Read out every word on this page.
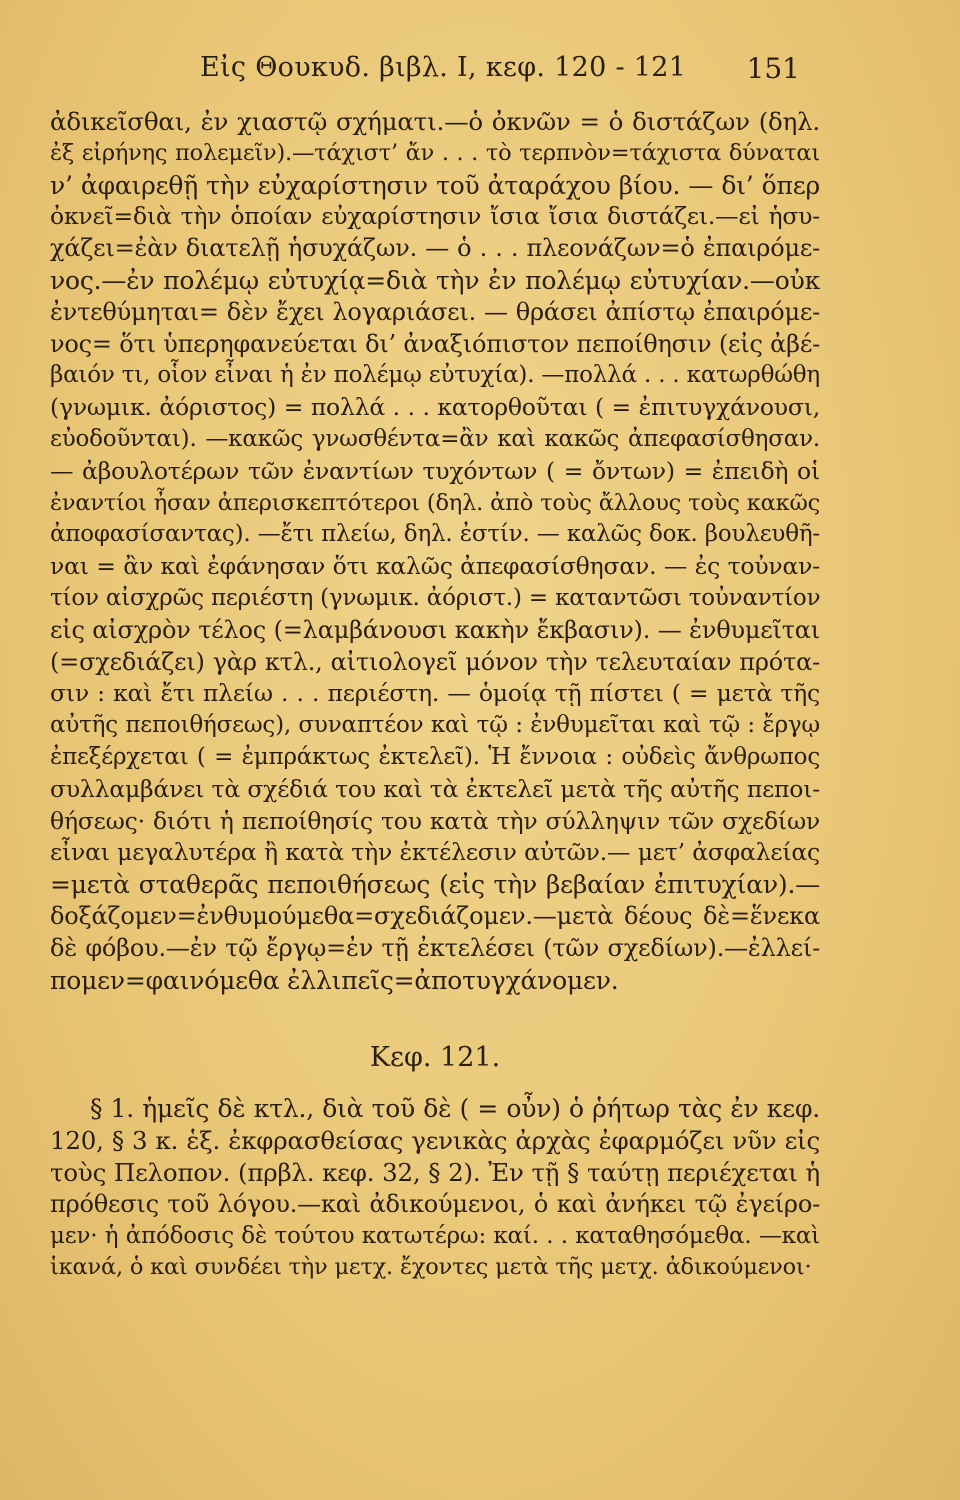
Εἰς Θουκυδ. βιβλ. I, κεφ. 120 - 121 151
ἀδικεῖσθαι, ἐν χιαστῷ σχήματι.—ὁ ὀκνῶν = ὁ διστάζων (δηλ.
ἐξ εἰρήνης πολεμεῖν).—τάχιστ’ ἄν . . . τὸ τερπνὸν=τάχιστα δύναται
ν’ ἀφαιρεθῇ τὴν εὐχαρίστησιν τοῦ ἀταράχου βίου. — δι’ ὅπερ
ὀκνεῖ=διὰ τὴν ὁποίαν εὐχαρίστησιν ἴσια ἴσια διστάζει.—εἰ ἡσυ-
χάζει=ἐὰν διατελῇ ἡσυχάζων. — ὁ . . . πλεονάζων=ὁ ἐπαιρόμε-
νος.—ἐν πολέμῳ εὐτυχίᾳ=διὰ τὴν ἐν πολέμῳ εὐτυχίαν.—οὐκ
ἐντεθύμηται= δὲν ἔχει λογαριάσει. — θράσει ἀπίστῳ ἐπαιρόμε-
νος= ὅτι ὑπερηφανεύεται δι’ ἀναξιόπιστον πεποίθησιν (εἰς ἀβέ-
βαιόν τι, οἷον εἶναι ἡ ἐν πολέμῳ εὐτυχία). —πολλά . . . κατωρθώθη
(γνωμικ. ἀόριστος) = πολλά . . . κατορθοῦται ( = ἐπιτυγχάνουσι,
εὐοδοῦνται). —κακῶς γνωσθέντα=ἂν καὶ κακῶς ἀπεφασίσθησαν.
— ἀβουλοτέρων τῶν ἐναντίων τυχόντων ( = ὄντων) = ἐπειδὴ οἱ
ἐναντίοι ἦσαν ἀπερισκεπτότεροι (δηλ. ἀπὸ τοὺς ἄλλους τοὺς κακῶς
ἀποφασίσαντας). —ἔτι πλείω, δηλ. ἐστίν. — καλῶς δοκ. βουλευθῆ-
ναι = ἂν καὶ ἐφάνησαν ὅτι καλῶς ἀπεφασίσθησαν. — ἐς τοὐναν-
τίον αἰσχρῶς περιέστη (γνωμικ. ἀόριστ.) = καταντῶσι τοὐναντίον
εἰς αἰσχρὸν τέλος (=λαμβάνουσι κακὴν ἔκβασιν). — ἐνθυμεῖται
(=σχεδιάζει) γὰρ κτλ., αἰτιολογεῖ μόνον τὴν τελευταίαν πρότα-
σιν : καὶ ἔτι πλείω . . . περιέστη. — ὁμοίᾳ τῇ πίστει ( = μετὰ τῆς
αὐτῆς πεποιθήσεως), συναπτέον καὶ τῷ : ἐνθυμεῖται καὶ τῷ : ἔργῳ
ἐπεξέρχεται ( = ἐμπράκτως ἐκτελεῖ). Ἡ ἔννοια : οὐδεὶς ἄνθρωπος
συλλαμβάνει τὰ σχέδιά του καὶ τὰ ἐκτελεῖ μετὰ τῆς αὐτῆς πεποι-
θήσεως· διότι ἡ πεποίθησίς του κατὰ τὴν σύλληψιν τῶν σχεδίων
εἶναι μεγαλυτέρα ἢ κατὰ τὴν ἐκτέλεσιν αὐτῶν.— μετ’ ἀσφαλείας
=μετὰ σταθερᾶς πεποιθήσεως (εἰς τὴν βεβαίαν ἐπιτυχίαν).—
δοξάζομεν=ἐνθυμούμεθα=σχεδιάζομεν.—μετὰ δέους δὲ=ἕνεκα
δὲ φόβου.—ἐν τῷ ἔργῳ=ἐν τῇ ἐκτελέσει (τῶν σχεδίων).—ἐλλεί-
πομεν=φαινόμεθα ἐλλιπεῖς=ἀποτυγχάνομεν.
Κεφ. 121.
§ 1. ἡμεῖς δὲ κτλ., διὰ τοῦ δὲ ( = οὖν) ὁ ῥήτωρ τὰς ἐν κεφ.
120, § 3 κ. ἑξ. ἐκφρασθείσας γενικὰς ἀρχὰς ἐφαρμόζει νῦν εἰς
τοὺς Πελοπον. (πρβλ. κεφ. 32, § 2). Ἐν τῇ § ταύτῃ περιέχεται ἡ
πρόθεσις τοῦ λόγου.—καὶ ἀδικούμενοι, ὁ καὶ ἀνήκει τῷ ἐγείρο-
μεν· ἡ ἀπόδοσις δὲ τούτου κατωτέρω: καί. . . καταθησόμεθα. —καὶ
ἱκανά, ὁ καὶ συνδέει τὴν μετχ. ἔχοντες μετὰ τῆς μετχ. ἀδικούμενοι·
